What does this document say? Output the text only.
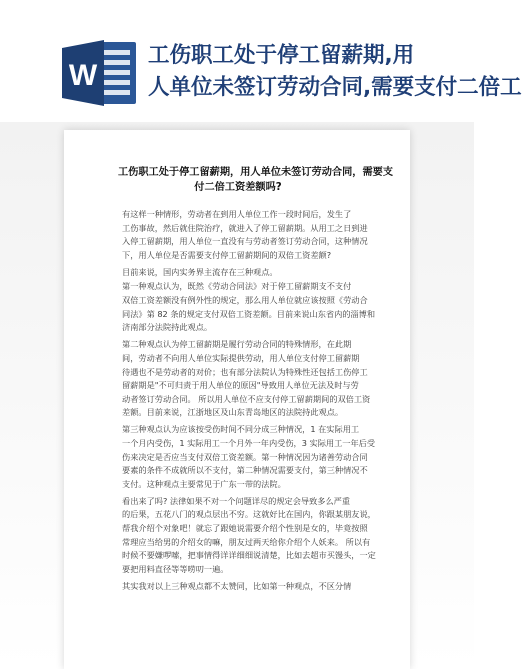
W
工伤职工处于停工留薪期,用
人单位未签订劳动合同,需要支付二倍工
工伤职工处于停工留薪期，用人单位未签订劳动合同，需要支
付二倍工资差额吗?
有这样一种情形，劳动者在到用人单位工作一段时间后，发生了
工伤事故，然后就住院治疗，就进入了停工留薪期。从用工之日到进
入停工留薪期，用人单位一直没有与劳动者签订劳动合同，这种情况
下，用人单位是否需要支付停工留薪期间的双倍工资差额?
目前来说，国内实务界主流存在三种观点。
第一种观点认为，既然《劳动合同法》对于停工留薪期支不支付
双倍工资差额没有例外性的规定，那么用人单位就应该按照《劳动合
同法》第 82 条的规定支付双倍工资差额。目前来说山东省内的淄博和
济南部分法院持此观点。
第二种观点认为停工留薪期是履行劳动合同的特殊情形，在此期
间，劳动者不向用人单位实际提供劳动，用人单位支付停工留薪期
待遇也不是劳动者的对价；也有部分法院认为特殊性还包括工伤停工
留薪期是"不可归责于用人单位的原因"导致用人单位无法及时与劳
动者签订劳动合同。 所以用人单位不应支付停工留薪期间的双倍工资
差额。目前来说，江浙地区及山东青岛地区的法院持此观点。
第三种观点认为应该按受伤时间不同分成三种情况，1 在实际用工
一个月内受伤，1 实际用工一个月外一年内受伤，3 实际用工一年后受
伤来决定是否应当支付双倍工资差额。第一种情况因为诸善劳动合同
要素的条件不成就所以不支付，第二种情况需要支付，第三种情况不
支付。这种观点主要常见于广东一带的法院。
看出来了吗? 法律如果不对一个问题详尽的规定会导致多么严重
的后果，五花八门的观点层出不穷。这就好比在国内，你跟某朋友说，
帮我介绍个对象吧！就忘了跟她说需要介绍个性别是女的，毕竟按照
常理应当给男的介绍女的嘛，朋友过两天给你介绍个人妖来。 所以有
时候不要嫌啰嗦，把事情得详详细细说清楚，比如去超市买馒头，一定
要把用料直径等等唠叨一遍。
其实我对以上三种观点都不太赞同，比如第一种观点，不区分情
